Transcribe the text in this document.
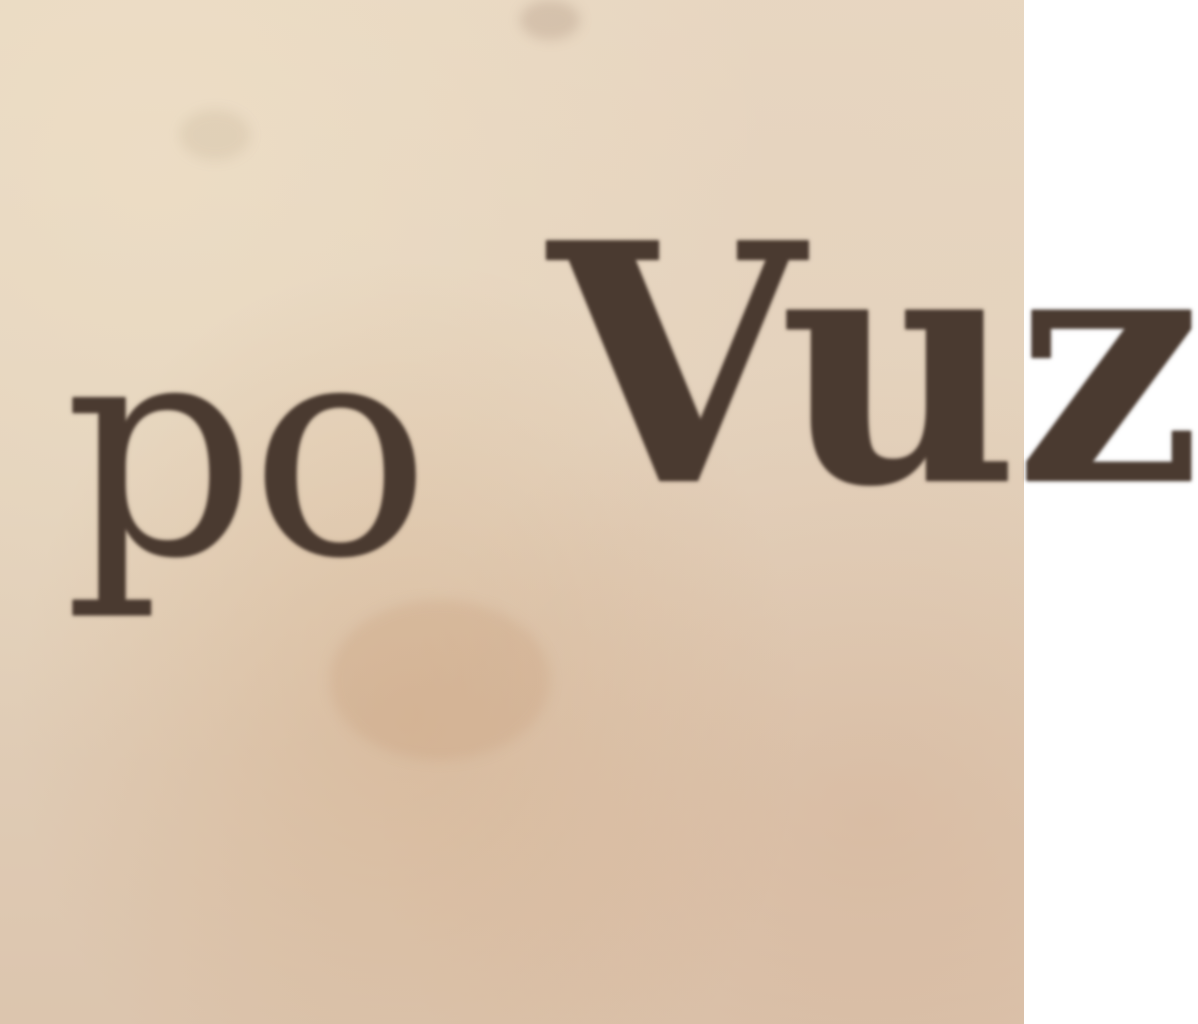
po Vuz
